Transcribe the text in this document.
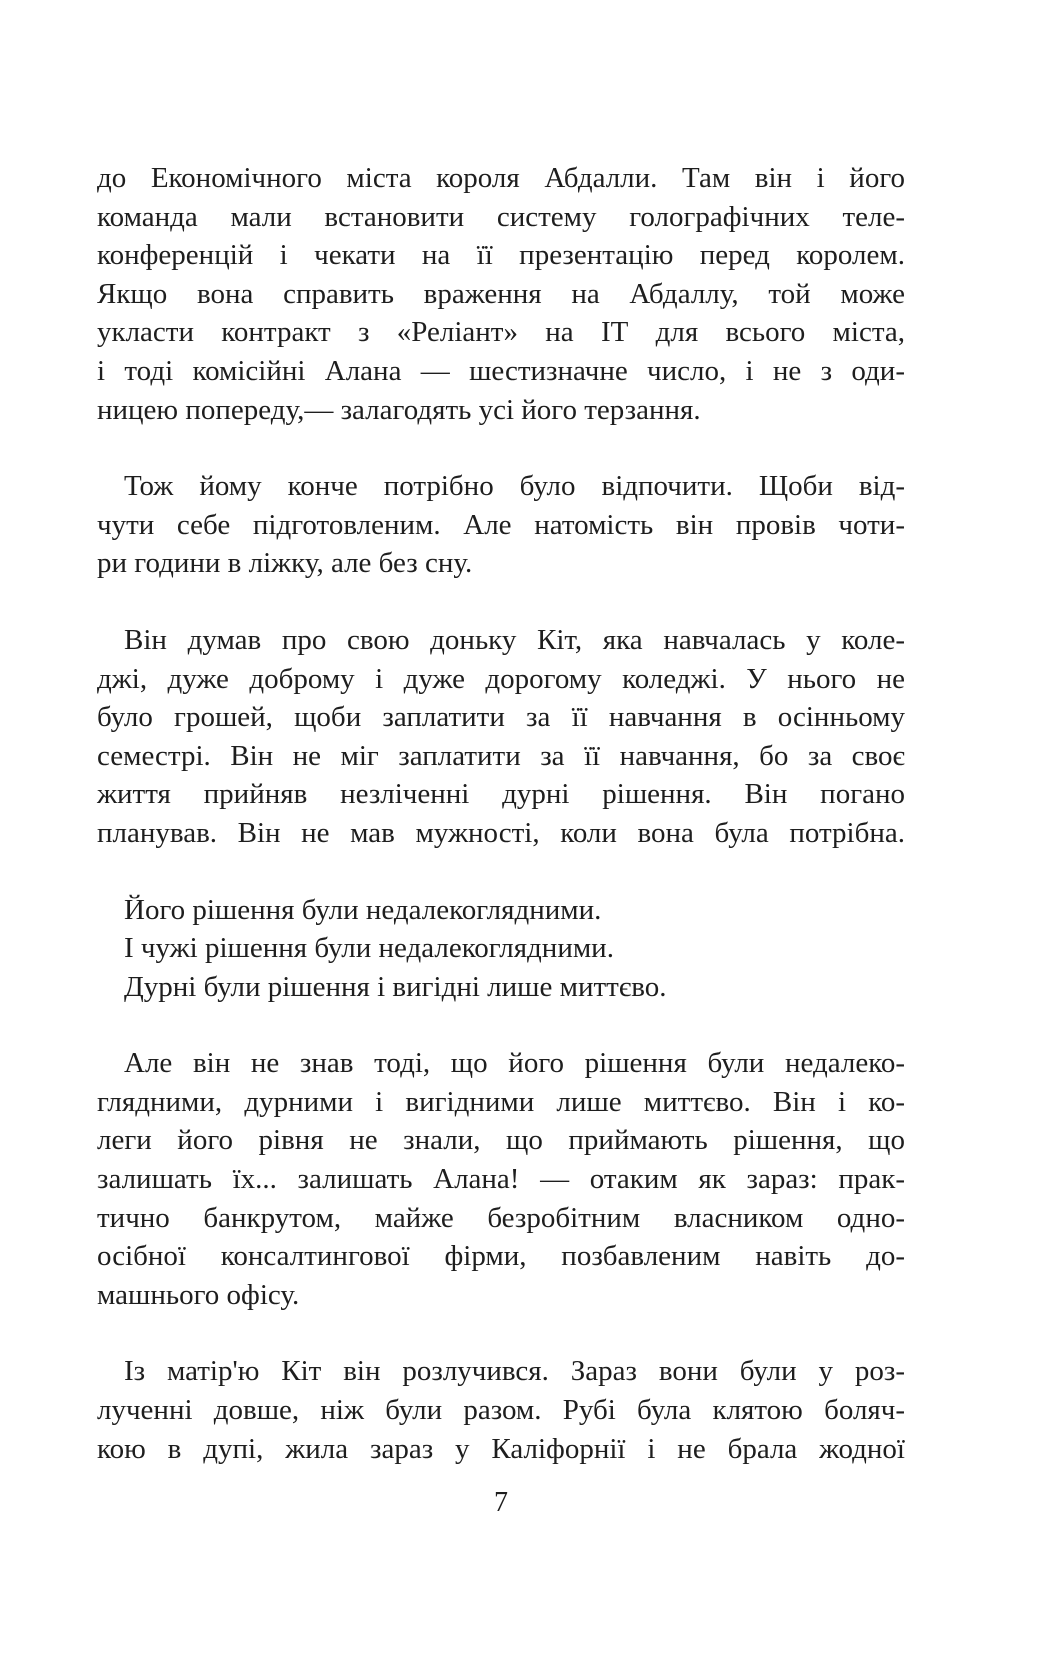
до Економічного міста короля Абдалли. Там він і його
команда мали встановити систему голографічних теле-
конференцій і чекати на її презентацію перед королем.
Якщо вона справить враження на Абдаллу, той може
укласти контракт з «Реліант» на ІТ для всього міста,
і тоді комісійні Алана — шестизначне число, і не з оди-
ницею попереду,— залагодять усі його терзання.
Тож йому конче потрібно було відпочити. Щоби від-
чути себе підготовленим. Але натомість він провів чоти-
ри години в ліжку, але без сну.
Він думав про свою доньку Кіт, яка навчалась у коле-
джі, дуже доброму і дуже дорогому коледжі. У нього не
було грошей, щоби заплатити за її навчання в осінньому
семестрі. Він не міг заплатити за її навчання, бо за своє
життя прийняв незліченні дурні рішення. Він погано
планував. Він не мав мужності, коли вона була потрібна.
Його рішення були недалекоглядними.
І чужі рішення були недалекоглядними.
Дурні були рішення і вигідні лише миттєво.
Але він не знав тоді, що його рішення були недалеко-
глядними, дурними і вигідними лише миттєво. Він і ко-
леги його рівня не знали, що приймають рішення, що
залишать їх... залишать Алана! — отаким як зараз: прак-
тично банкрутом, майже безробітним власником одно-
осібної консалтингової фірми, позбавленим навіть до-
машнього офісу.
Із матір'ю Кіт він розлучився. Зараз вони були у роз-
лученні довше, ніж були разом. Рубі була клятою боляч-
кою в дупі, жила зараз у Каліфорнії і не брала жодної
7
